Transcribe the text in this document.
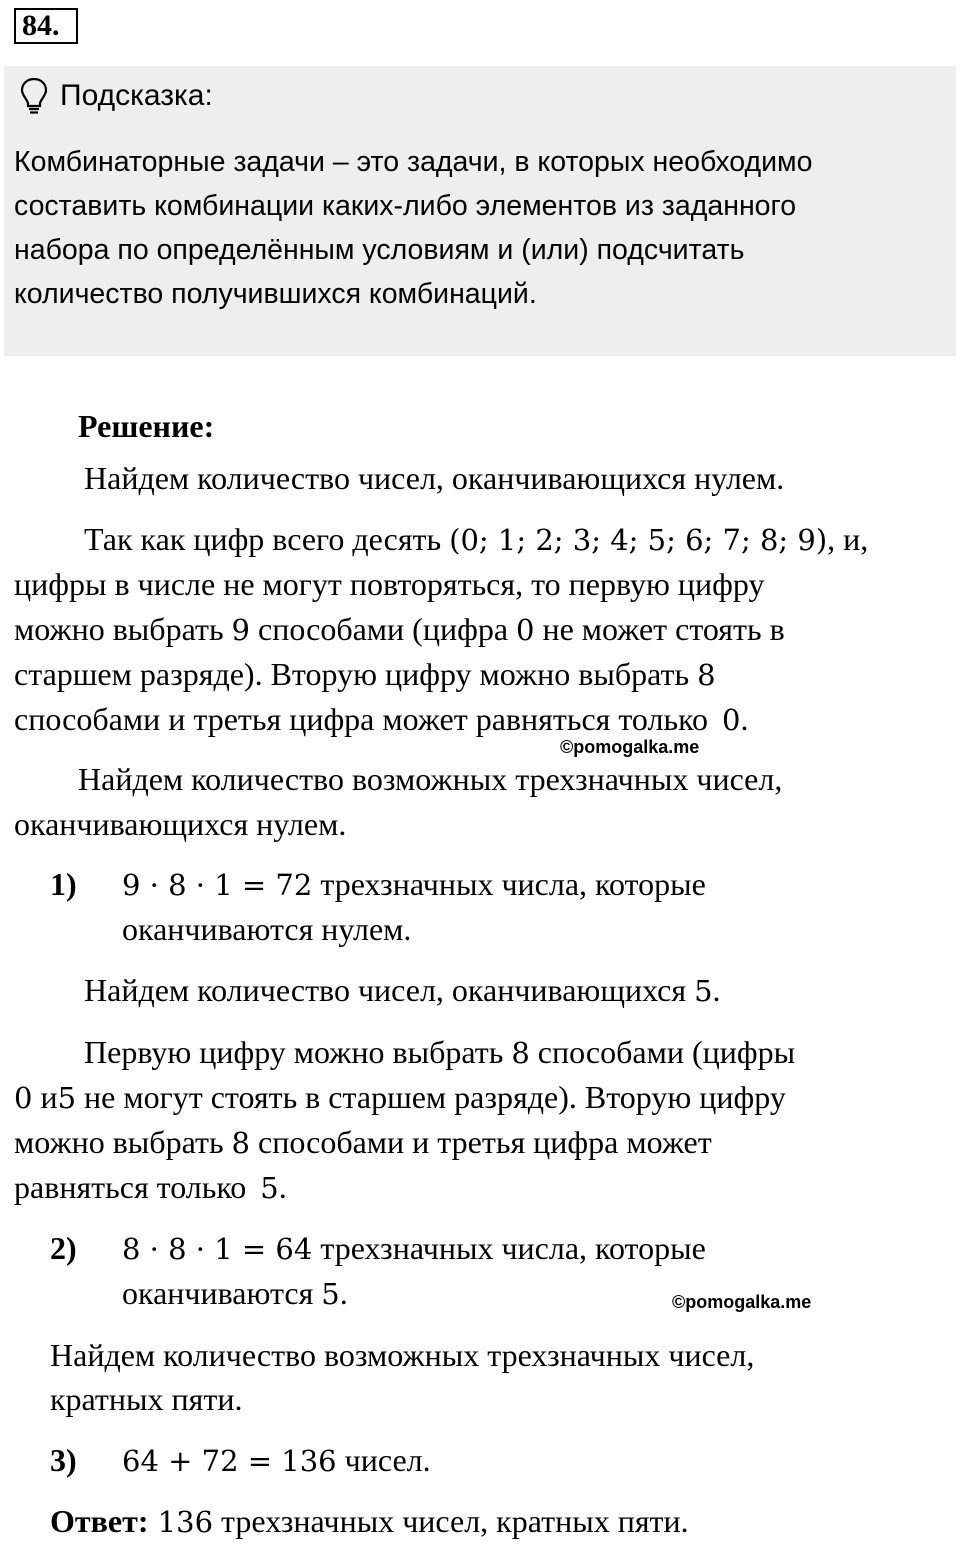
84.
Подсказка:
Комбинаторные задачи – это задачи, в которых необходимо
составить комбинации каких-либо элементов из заданного
набора по определённым условиям и (или) подсчитать
количество получившихся комбинаций.
Решение:
Найдем количество чисел, оканчивающихся нулем.
Так как цифр всего десять (0; 1; 2; 3; 4; 5; 6; 7; 8; 9), и,
цифры в числе не могут повторяться, то первую цифру
можно выбрать 9 способами (цифра 0 не может стоять в
старшем разряде). Вторую цифру можно выбрать 8
способами и третья цифра может равняться только 0.
©pomogalka.me
Найдем количество возможных трехзначных чисел,
оканчивающихся нулем.
1) 9 · 8 · 1 = 72 трехзначных числа, которые
оканчиваются нулем.
Найдем количество чисел, оканчивающихся 5.
Первую цифру можно выбрать 8 способами (цифры
0 и5 не могут стоять в старшем разряде). Вторую цифру
можно выбрать 8 способами и третья цифра может
равняться только 5.
2) 8 · 8 · 1 = 64 трехзначных числа, которые
оканчиваются 5.	©pomogalka.me
Найдем количество возможных трехзначных чисел,
кратных пяти.
3) 64 + 72 = 136 чисел.
Ответ: 136 трехзначных чисел, кратных пяти.
